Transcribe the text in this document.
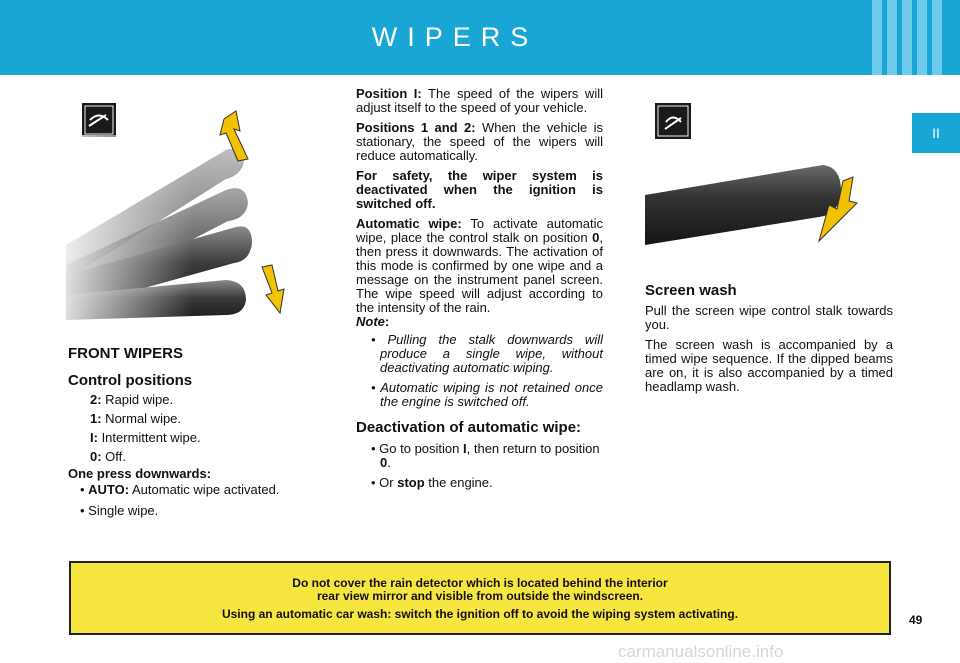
WIPERS
II
FRONT WIPERS
Control positions
2: Rapid wipe.
1: Normal wipe.
I: Intermittent wipe.
0: Off.
One press downwards:

• AUTO: Automatic wipe activated.

• Single wipe.

Position I: The speed of the wipers will adjust itself to the speed of your vehicle.

Positions 1 and 2: When the vehicle is stationary, the speed of the wipers will reduce automatically.

For safety, the wiper system is deactivated when the ignition is switched off.

Automatic wipe: To activate automatic wipe, place the control stalk on position 0, then press it downwards. The activation of this mode is confirmed by one wipe and a message on the instrument panel screen. The wipe speed will adjust according to the intensity of the rain.

Note:

• Pulling the stalk downwards will produce a single wipe, without deactivating automatic wiping.

• Automatic wiping is not retained once the engine is switched off.

Deactivation of automatic wipe:

• Go to position I, then return to position 0.

• Or stop the engine.

Screen wash

Pull the screen wipe control stalk towards you.

The screen wash is accompanied by a timed wipe sequence. If the dipped beams are on, it is also accompanied by a timed headlamp wash.

Do not cover the rain detector which is located behind the interior
rear view mirror and visible from outside the windscreen.

Using an automatic car wash: switch the ignition off to avoid the wiping system activating.	49
carmanualsonline.info
